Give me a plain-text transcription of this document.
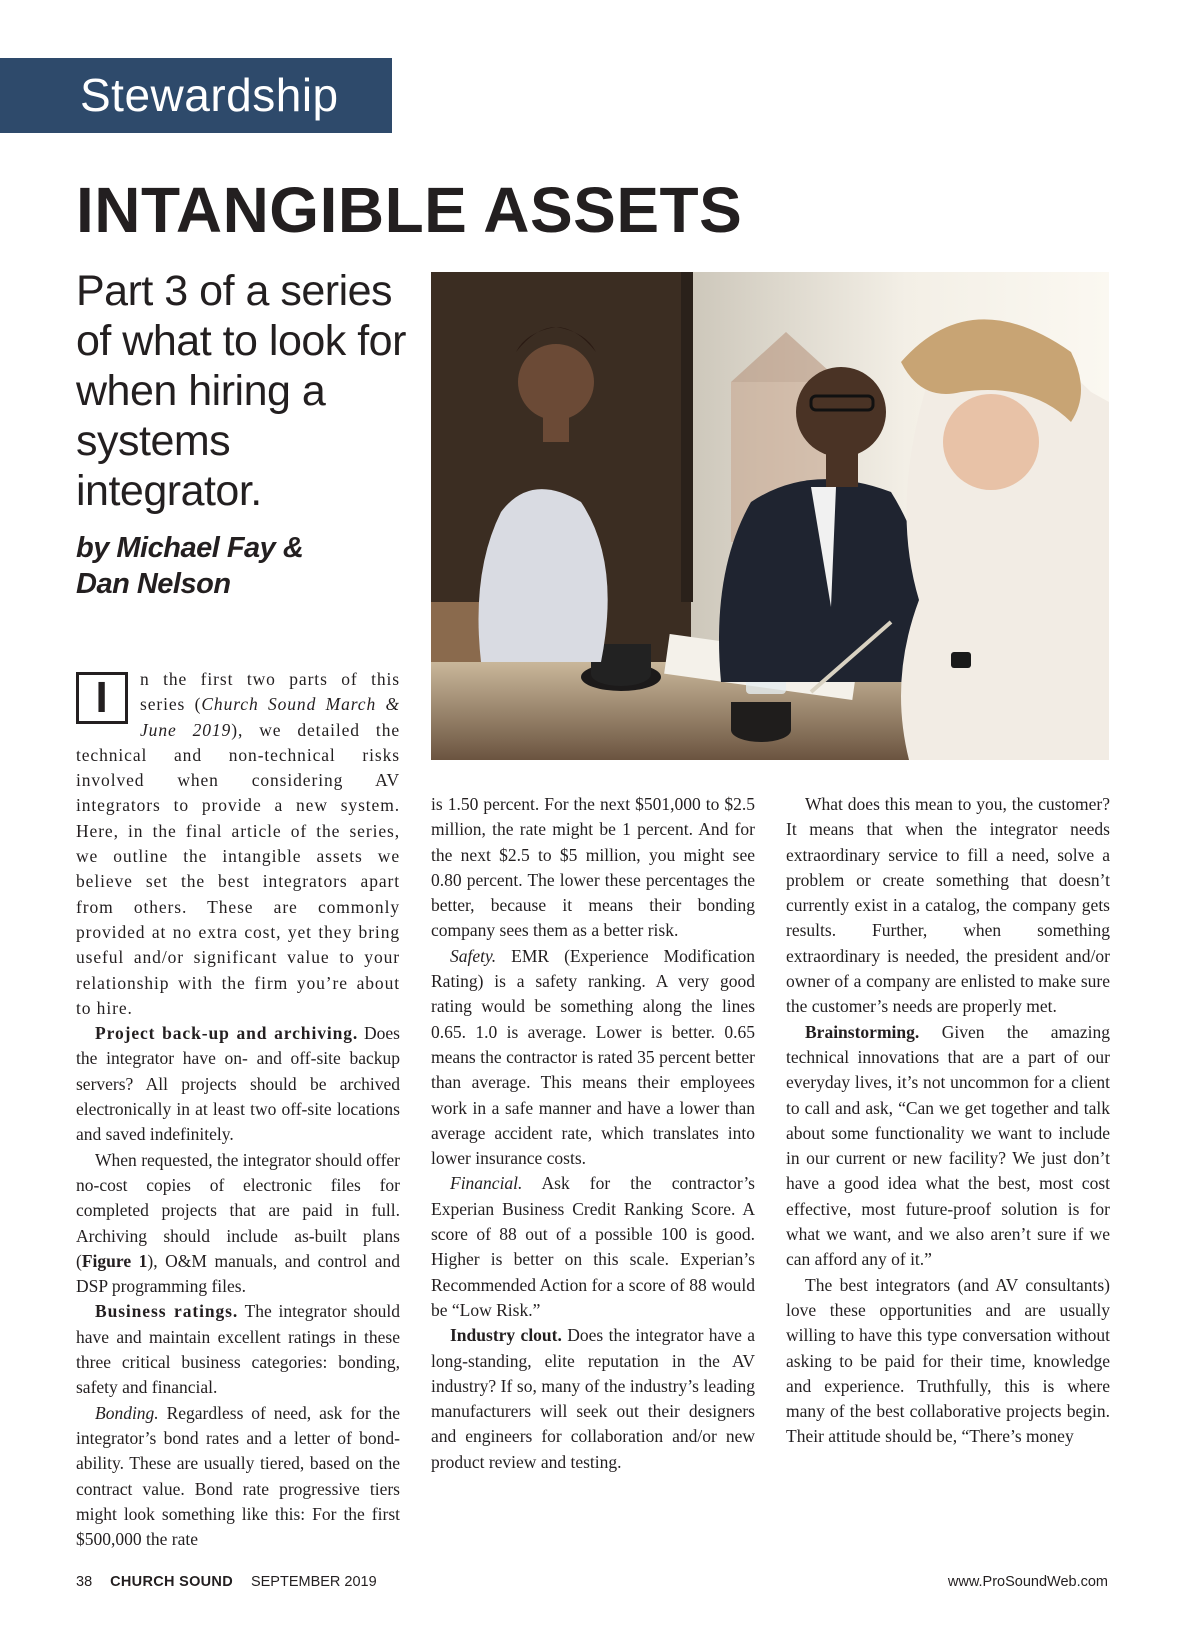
Stewardship
INTANGIBLE ASSETS
Part 3 of a series of what to look for when hiring a systems integrator.
by Michael Fay &
Dan Nelson

I	n the first two parts of this series (Church Sound March & June 2019), we detailed the technical and non-technical risks involved when considering AV integrators to provide a new system. Here, in the final article of the series, we outline the intangible assets we believe set the best integrators apart from others. These are commonly provided at no extra cost, yet they bring useful and/or significant value to your relationship with the firm you’re about to hire.

Project back-up and archiving. Does the integrator have on- and off-site backup servers? All projects should be archived electronically in at least two off-site locations and saved indefinitely.

When requested, the integrator should offer no-cost copies of electronic files for completed projects that are paid in full. Archiving should include as-built plans (Figure 1), O&M manuals, and control and DSP programming files.

Business ratings. The integrator should have and maintain excellent ratings in these three critical business categories: bonding, safety and financial.

Bonding. Regardless of need, ask for the integrator’s bond rates and a letter of bond-ability. These are usually tiered, based on the contract value. Bond rate progressive tiers might look something like this: For the first $500,000 the rate

is 1.50 percent. For the next $501,000 to $2.5 million, the rate might be 1 percent. And for the next $2.5 to $5 million, you might see 0.80 percent. The lower these percentages the better, because it means their bonding company sees them as a better risk.

Safety. EMR (Experience Modification Rating) is a safety ranking. A very good rating would be something along the lines 0.65. 1.0 is average. Lower is better. 0.65 means the contractor is rated 35 percent better than average. This means their employees work in a safe manner and have a lower than average accident rate, which translates into lower insurance costs.

Financial. Ask for the contractor’s Experian Business Credit Ranking Score. A score of 88 out of a possible 100 is good. Higher is better on this scale. Experian’s Recommended Action for a score of 88 would be “Low Risk.”

Industry clout. Does the integrator have a long-standing, elite reputation in the AV industry? If so, many of the industry’s leading manufacturers will seek out their designers and engineers for collaboration and/or new product review and testing.

What does this mean to you, the customer? It means that when the integrator needs extraordinary service to fill a need, solve a problem or create something that doesn’t currently exist in a catalog, the company gets results. Further, when something extraordinary is needed, the president and/or owner of a company are enlisted to make sure the customer’s needs are properly met.

Brainstorming. Given the amazing technical innovations that are a part of our everyday lives, it’s not uncommon for a client to call and ask, “Can we get together and talk about some functionality we want to include in our current or new facility? We just don’t have a good idea what the best, most cost effective, most future-proof solution is for what we want, and we also aren’t sure if we can afford any of it.”

The best integrators (and AV consultants) love these opportunities and are usually willing to have this type conversation without asking to be paid for their time, knowledge and experience. Truthfully, this is where many of the best collaborative projects begin. Their attitude should be, “There’s money

38 CHURCH SOUND SEPTEMBER 2019	www.ProSoundWeb.com
